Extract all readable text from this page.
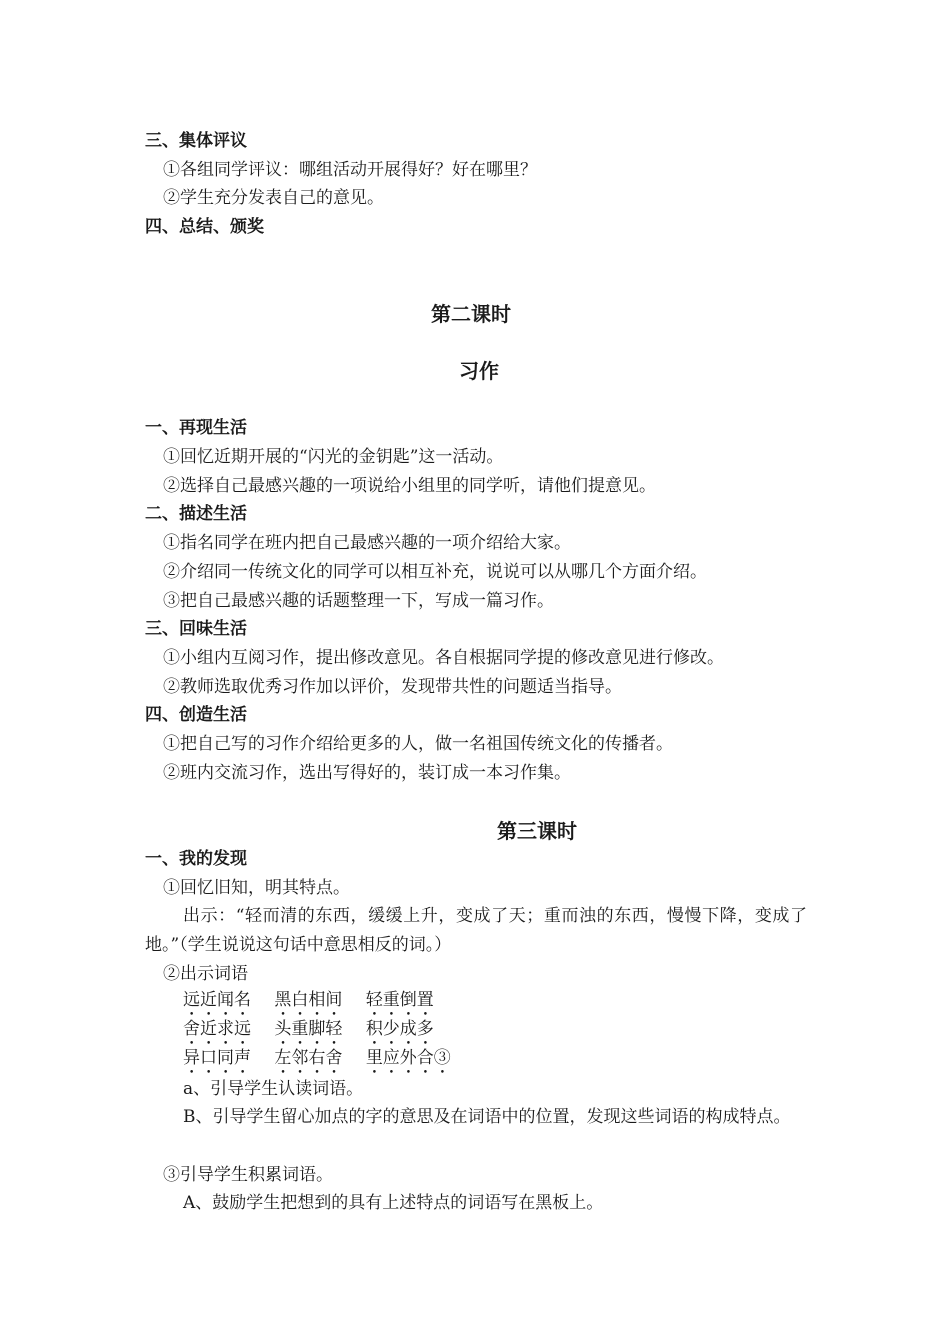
三、集体评议
①各组同学评议：哪组活动开展得好？好在哪里？
②学生充分发表自己的意见。
四、总结、颁奖
第二课时
习作
一、再现生活
①回忆近期开展的“闪光的金钥匙”这一活动。
②选择自己最感兴趣的一项说给小组里的同学听，请他们提意见。
二、描述生活
①指名同学在班内把自己最感兴趣的一项介绍给大家。
②介绍同一传统文化的同学可以相互补充，说说可以从哪几个方面介绍。
③把自己最感兴趣的话题整理一下，写成一篇习作。
三、回味生活
①小组内互阅习作，提出修改意见。各自根据同学提的修改意见进行修改。
②教师选取优秀习作加以评价，发现带共性的问题适当指导。
四、创造生活
①把自己写的习作介绍给更多的人，做一名祖国传统文化的传播者。
②班内交流习作，选出写得好的，装订成一本习作集。
第三课时
一、我的发现
①回忆旧知，明其特点。
出示：“轻而清的东西，缓缓上升，变成了天；重而浊的东西，慢慢下降，变成了地。”（学生说说这句话中意思相反的词。）
②出示词语
远近闻名 黑白相间 轻重倒置
舍近求远 头重脚轻 积少成多
异口同声 左邻右舍 里应外合③
a、引导学生认读词语。
B、引导学生留心加点的字的意思及在词语中的位置，发现这些词语的构成特点。
③引导学生积累词语。
A、鼓励学生把想到的具有上述特点的词语写在黑板上。
